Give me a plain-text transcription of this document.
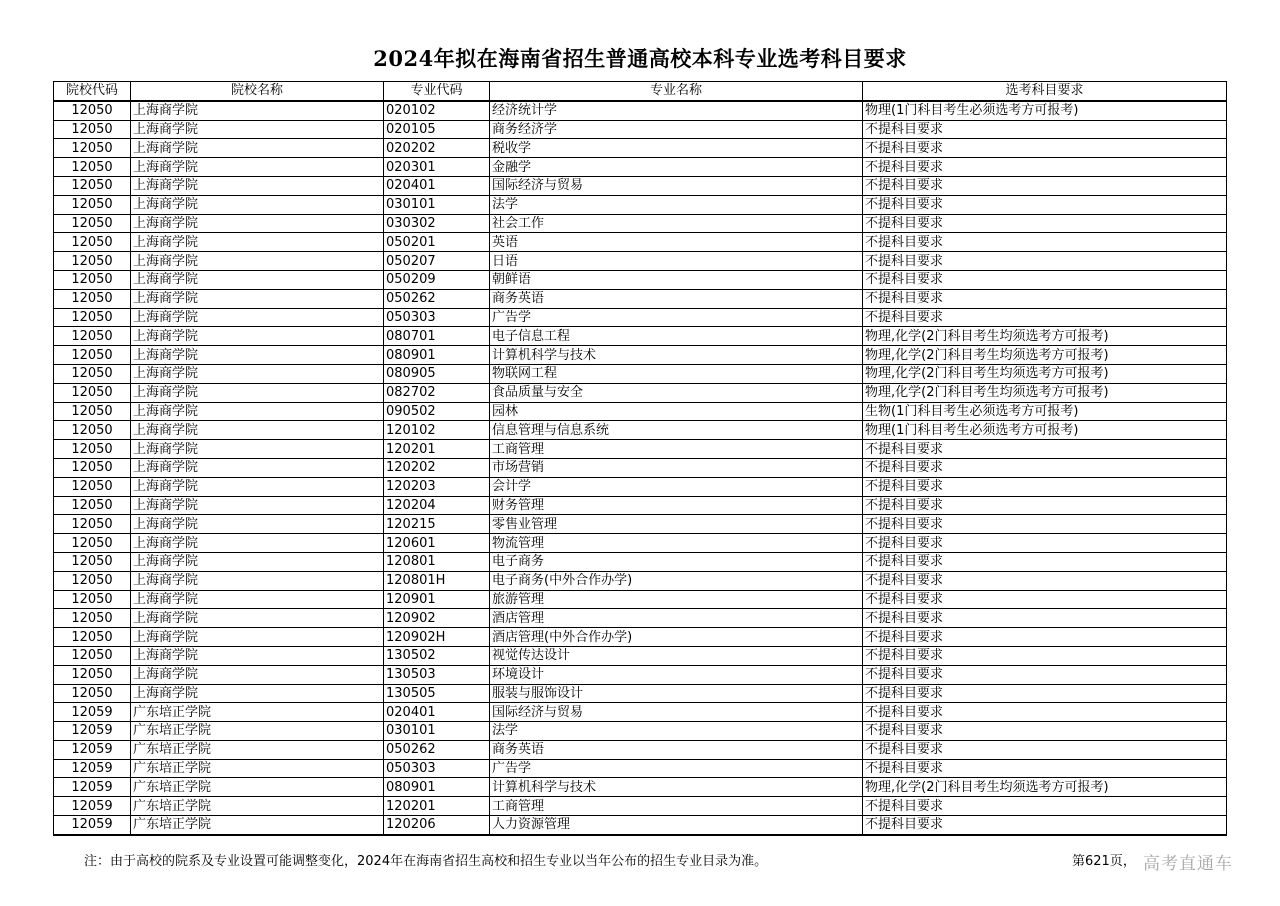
2024年拟在海南省招生普通高校本科专业选考科目要求
院校代码	院校名称	专业代码	专业名称	选考科目要求
12050	上海商学院	020102	经济统计学	物理(1门科目考生必须选考方可报考)
12050	上海商学院	020105	商务经济学	不提科目要求
12050	上海商学院	020202	税收学	不提科目要求
12050	上海商学院	020301	金融学	不提科目要求
12050	上海商学院	020401	国际经济与贸易	不提科目要求
12050	上海商学院	030101	法学	不提科目要求
12050	上海商学院	030302	社会工作	不提科目要求
12050	上海商学院	050201	英语	不提科目要求
12050	上海商学院	050207	日语	不提科目要求
12050	上海商学院	050209	朝鲜语	不提科目要求
12050	上海商学院	050262	商务英语	不提科目要求
12050	上海商学院	050303	广告学	不提科目要求
12050	上海商学院	080701	电子信息工程	物理,化学(2门科目考生均须选考方可报考)
12050	上海商学院	080901	计算机科学与技术	物理,化学(2门科目考生均须选考方可报考)
12050	上海商学院	080905	物联网工程	物理,化学(2门科目考生均须选考方可报考)
12050	上海商学院	082702	食品质量与安全	物理,化学(2门科目考生均须选考方可报考)
12050	上海商学院	090502	园林	生物(1门科目考生必须选考方可报考)
12050	上海商学院	120102	信息管理与信息系统	物理(1门科目考生必须选考方可报考)
12050	上海商学院	120201	工商管理	不提科目要求
12050	上海商学院	120202	市场营销	不提科目要求
12050	上海商学院	120203	会计学	不提科目要求
12050	上海商学院	120204	财务管理	不提科目要求
12050	上海商学院	120215	零售业管理	不提科目要求
12050	上海商学院	120601	物流管理	不提科目要求
12050	上海商学院	120801	电子商务	不提科目要求
12050	上海商学院	120801H	电子商务(中外合作办学)	不提科目要求
12050	上海商学院	120901	旅游管理	不提科目要求
12050	上海商学院	120902	酒店管理	不提科目要求
12050	上海商学院	120902H	酒店管理(中外合作办学)	不提科目要求
12050	上海商学院	130502	视觉传达设计	不提科目要求
12050	上海商学院	130503	环境设计	不提科目要求
12050	上海商学院	130505	服装与服饰设计	不提科目要求
12059	广东培正学院	020401	国际经济与贸易	不提科目要求
12059	广东培正学院	030101	法学	不提科目要求
12059	广东培正学院	050262	商务英语	不提科目要求
12059	广东培正学院	050303	广告学	不提科目要求
12059	广东培正学院	080901	计算机科学与技术	物理,化学(2门科目考生均须选考方可报考)
12059	广东培正学院	120201	工商管理	不提科目要求
12059	广东培正学院	120206	人力资源管理	不提科目要求
注：由于高校的院系及专业设置可能调整变化，2024年在海南省招生高校和招生专业以当年公布的招生专业目录为准。	第621页， 高考直通车
